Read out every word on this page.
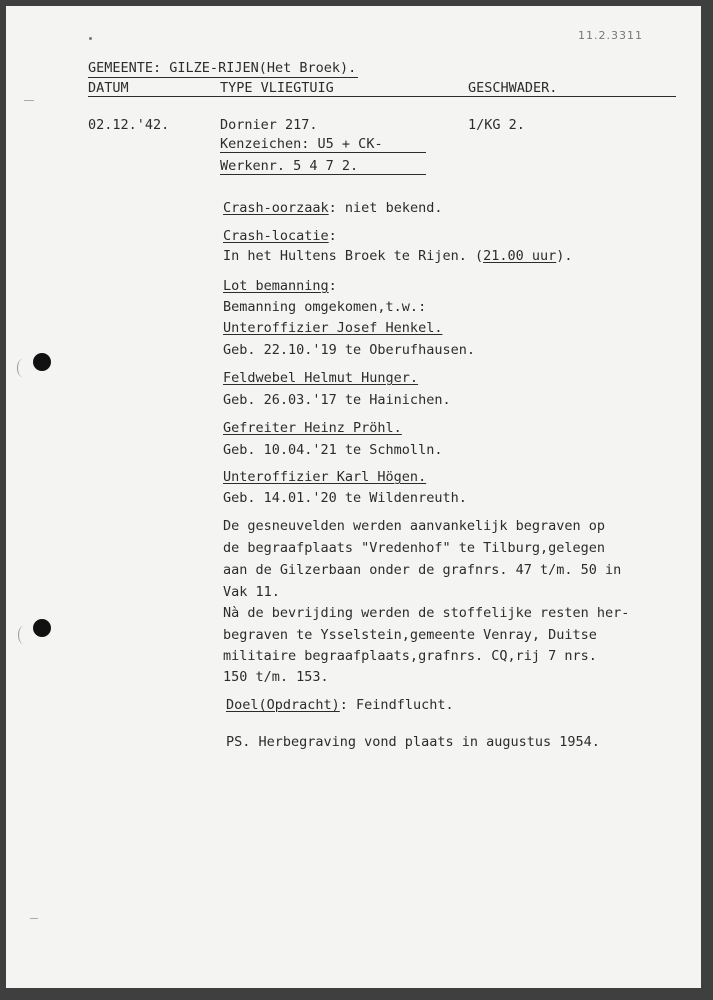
11.2.3311
GEMEENTE: GILZE-RIJEN(Het Broek).
DATUM	TYPE VLIEGTUIG	GESCHWADER.
02.12.'42.	Dornier 217.	1/KG 2.
Kenzeichen: U5 + CK-
Werkenr. 5 4 7 2.
Crash-oorzaak: niet bekend.
Crash-locatie:
In het Hultens Broek te Rijen. (21.00 uur).
Lot bemanning:
Bemanning omgekomen,t.w.:
Unteroffizier Josef Henkel.
Geb. 22.10.'19 te Oberufhausen.
Feldwebel Helmut Hunger.
Geb. 26.03.'17 te Hainichen.
Gefreiter Heinz Pröhl.
Geb. 10.04.'21 te Schmolln.
Unteroffizier Karl Högen.
Geb. 14.01.'20 te Wildenreuth.
De gesneuvelden werden aanvankelijk begraven op
de begraafplaats "Vredenhof" te Tilburg,gelegen
aan de Gilzerbaan onder de grafnrs. 47 t/m. 50 in
Vak 11.
Nà de bevrijding werden de stoffelijke resten her-
begraven te Ysselstein,gemeente Venray, Duitse
militaire begraafplaats,grafnrs. CQ,rij 7 nrs.
150 t/m. 153.
Doel(Opdracht): Feindflucht.
PS. Herbegraving vond plaats in augustus 1954.
